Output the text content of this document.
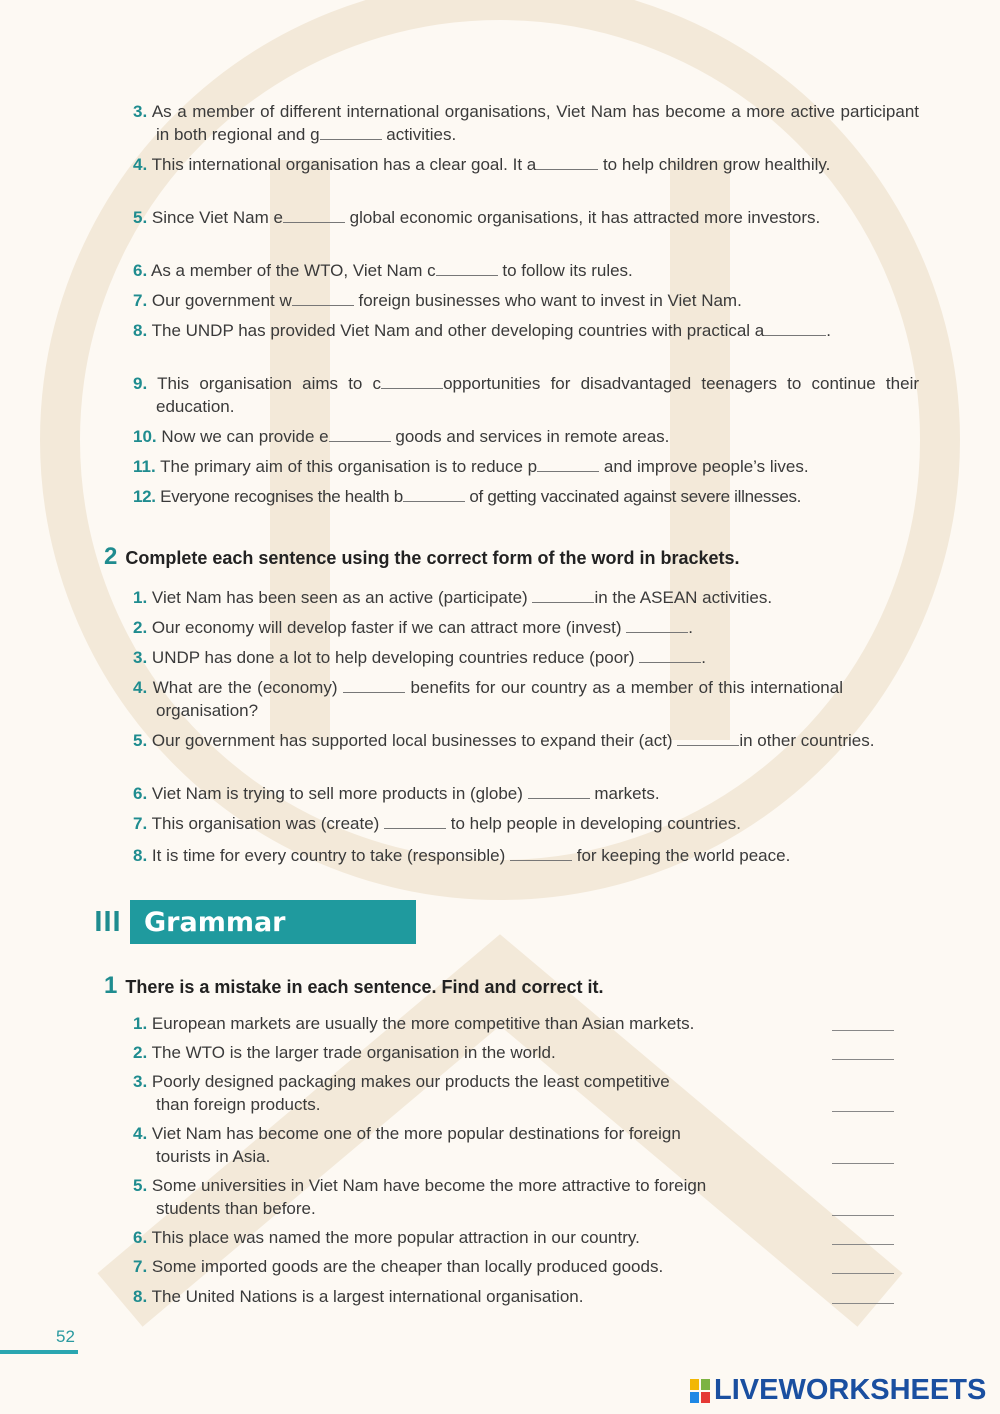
3. As a member of different international organisations, Viet Nam has become a more active participant in both regional and g	activities.
4. This international organisation has a clear goal. It a	to help children grow healthily.
5. Since Viet Nam e	global economic organisations, it has attracted more investors.
6. As a member of the WTO, Viet Nam c	to follow its rules.
7. Our government w	foreign businesses who want to invest in Viet Nam.
8. The UNDP has provided Viet Nam and other developing countries with practical a	.
9. This organisation aims to c	opportunities for disadvantaged teenagers to continue their education.
10. Now we can provide e	goods and services in remote areas.
11. The primary aim of this organisation is to reduce p	and improve people’s lives.
12. Everyone recognises the health b	of getting vaccinated against severe illnesses.
2 Complete each sentence using the correct form of the word in brackets.
1. Viet Nam has been seen as an active (participate)	in the ASEAN activities.
2. Our economy will develop faster if we can attract more (invest)	.
3. UNDP has done a lot to help developing countries reduce (poor)	.
4. What are the (economy)	benefits for our country as a member of this international organisation?
5. Our government has supported local businesses to expand their (act)	in other countries.
6. Viet Nam is trying to sell more products in (globe)	markets.
7. This organisation was (create)	to help people in developing countries.
8. It is time for every country to take (responsible)	for keeping the world peace.
III Grammar
1 There is a mistake in each sentence. Find and correct it.
1. European markets are usually the more competitive than Asian markets.
2. The WTO is the larger trade organisation in the world.
3. Poorly designed packaging makes our products the least competitive than foreign products.
4. Viet Nam has become one of the more popular destinations for foreign tourists in Asia.
5. Some universities in Viet Nam have become the more attractive to foreign students than before.
6. This place was named the more popular attraction in our country.
7. Some imported goods are the cheaper than locally produced goods.
8. The United Nations is a largest international organisation.
52
LIVEWORKSHEETS
